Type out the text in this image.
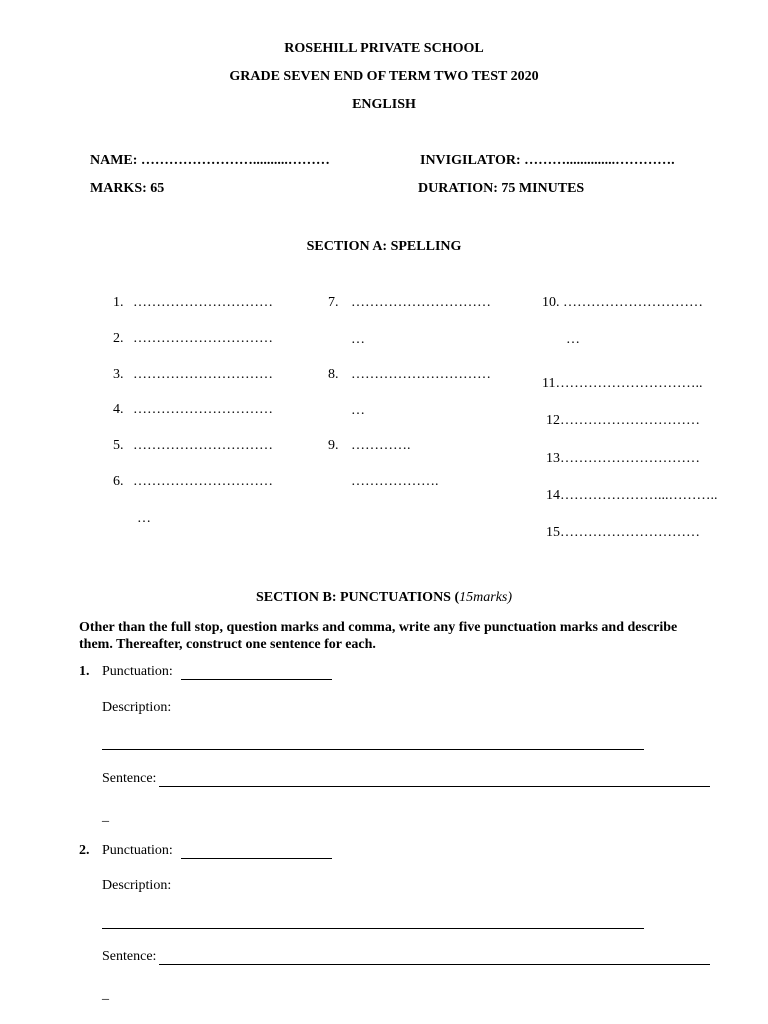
ROSEHILL PRIVATE SCHOOL
GRADE SEVEN END OF TERM TWO TEST 2020
ENGLISH
NAME: ……………………..........………	INVIGILATOR: ………..............………….
MARKS: 65	DURATION: 75 MINUTES
SECTION A: SPELLING
1. …………………………
2. …………………………
3. …………………………
4. …………………………
5. …………………………
6. …………………………
…
7. …………………………
…
8. …………………………
…
9. ………….
……………….
10. …………………………
…
11…………………………..
12…………………………
13…………………………
14…………………...………..
15…………………………
SECTION B: PUNCTUATIONS (15marks)
Other than the full stop, question marks and comma, write any five punctuation marks and describe them. Thereafter, construct one sentence for each.
1. Punctuation:
Description:
Sentence:
_
2. Punctuation:
Description:
Sentence:
_
